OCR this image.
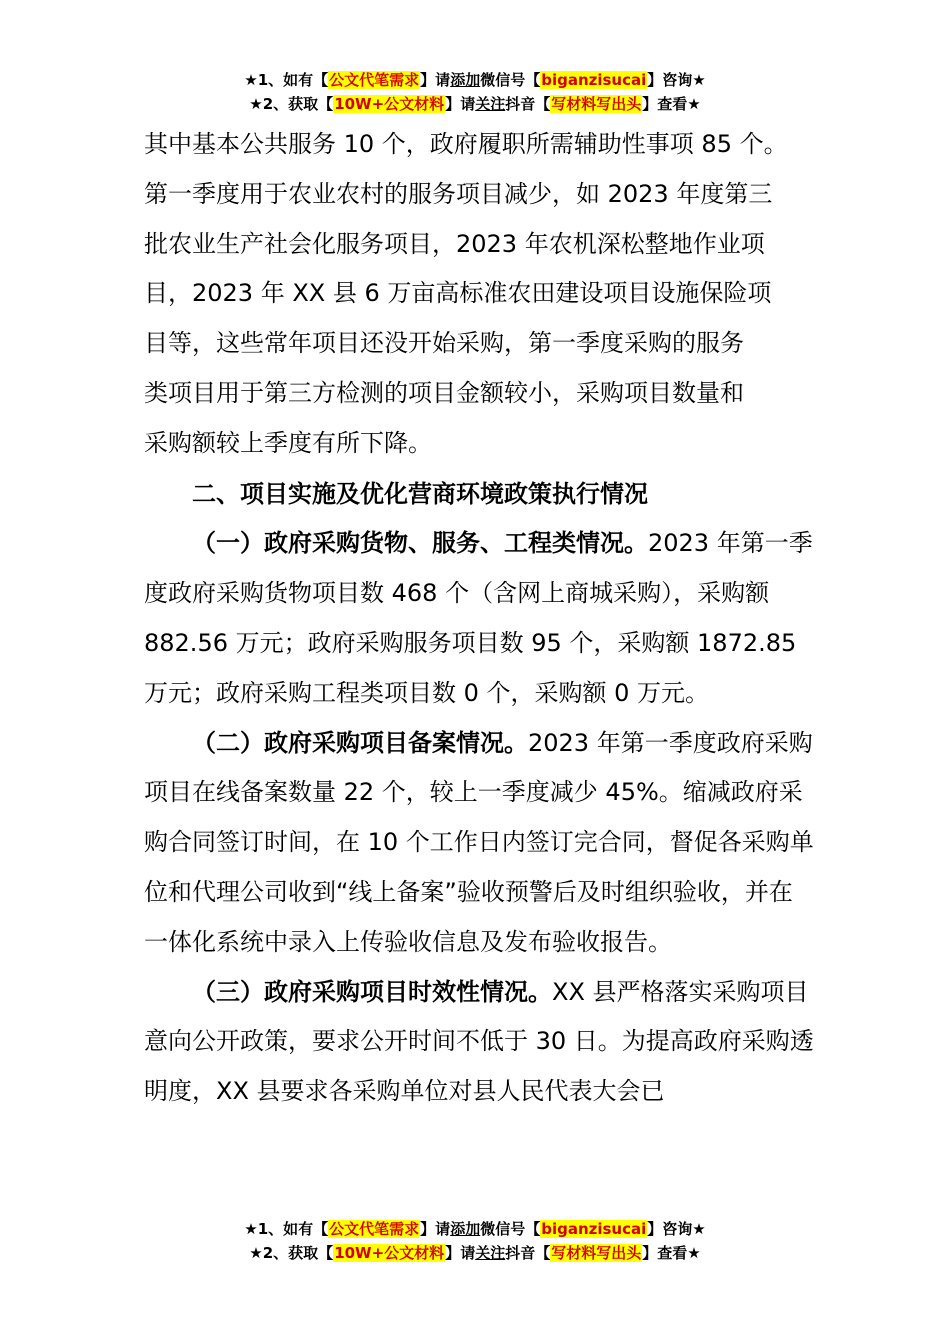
★1、如有【公文代笔需求】请添加微信号【biganzisucai】咨询★
★2、获取【10W+公文材料】请关注抖音【写材料写出头】查看★

其中基本公共服务 10 个，政府履职所需辅助性事项 85 个。

第一季度用于农业农村的服务项目减少，如 2023 年度第三

批农业生产社会化服务项目，2023 年农机深松整地作业项

目，2023 年 XX 县 6 万亩高标准农田建设项目设施保险项

目等，这些常年项目还没开始采购，第一季度采购的服务

类项目用于第三方检测的项目金额较小，采购项目数量和

采购额较上季度有所下降。

二、项目实施及优化营商环境政策执行情况

（一）政府采购货物、服务、工程类情况。2023 年第一季度政府采购货物项目数 468 个（含网上商城采购），采购额 882.56 万元；政府采购服务项目数 95 个，采购额 1872.85 万元；政府采购工程类项目数 0 个，采购额 0 万元。

（二）政府采购项目备案情况。2023 年第一季度政府采购项目在线备案数量 22 个，较上一季度减少 45%。缩减政府采购合同签订时间，在 10 个工作日内签订完合同，督促各采购单位和代理公司收到“线上备案”验收预警后及时组织验收，并在一体化系统中录入上传验收信息及发布验收报告。

（三）政府采购项目时效性情况。XX 县严格落实采购项目意向公开政策，要求公开时间不低于 30 日。为提高政府采购透明度，XX 县要求各采购单位对县人民代表大会已

★1、如有【公文代笔需求】请添加微信号【biganzisucai】咨询★
★2、获取【10W+公文材料】请关注抖音【写材料写出头】查看★
